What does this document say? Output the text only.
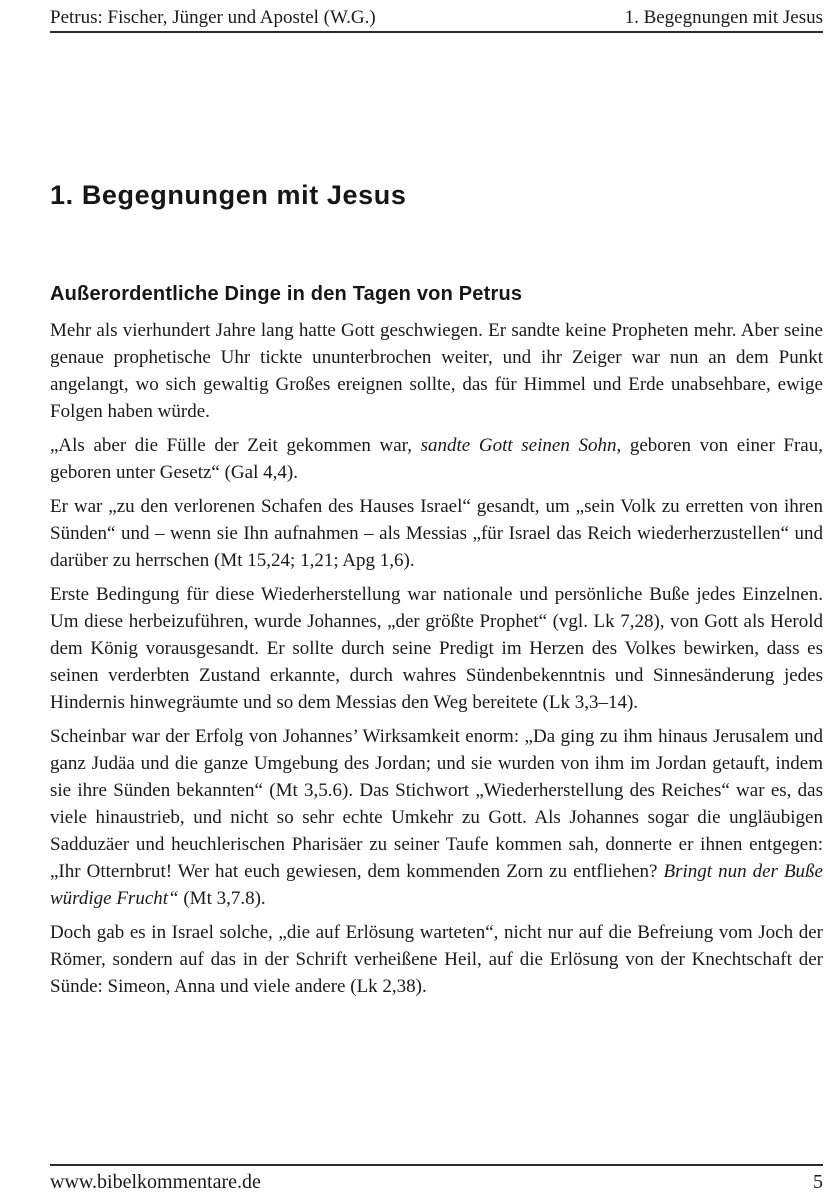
Petrus: Fischer, Jünger und Apostel (W.G.)	1. Begegnungen mit Jesus
1. Begegnungen mit Jesus
Außerordentliche Dinge in den Tagen von Petrus

Mehr als vierhundert Jahre lang hatte Gott geschwiegen. Er sandte keine Propheten mehr. Aber seine genaue prophetische Uhr tickte ununterbrochen weiter, und ihr Zeiger war nun an dem Punkt angelangt, wo sich gewaltig Großes ereignen sollte, das für Himmel und Erde unabsehbare, ewige Folgen haben würde.

„Als aber die Fülle der Zeit gekommen war, sandte Gott seinen Sohn, geboren von einer Frau, geboren unter Gesetz“ (Gal 4,4).

Er war „zu den verlorenen Schafen des Hauses Israel“ gesandt, um „sein Volk zu erretten von ihren Sünden“ und – wenn sie Ihn aufnahmen – als Messias „für Israel das Reich wiederherzustellen“ und darüber zu herrschen (Mt 15,24; 1,21; Apg 1,6).

Erste Bedingung für diese Wiederherstellung war nationale und persönliche Buße jedes Einzelnen. Um diese herbeizuführen, wurde Johannes, „der größte Prophet“ (vgl. Lk 7,28), von Gott als Herold dem König vorausgesandt. Er sollte durch seine Predigt im Herzen des Volkes bewirken, dass es seinen verderbten Zustand erkannte, durch wahres Sündenbekenntnis und Sinnesänderung jedes Hindernis hinwegräumte und so dem Messias den Weg bereitete (Lk 3,3–14).

Scheinbar war der Erfolg von Johannes’ Wirksamkeit enorm: „Da ging zu ihm hinaus Jerusalem und ganz Judäa und die ganze Umgebung des Jordan; und sie wurden von ihm im Jordan getauft, indem sie ihre Sünden bekannten“ (Mt 3,5.6). Das Stichwort „Wiederherstellung des Reiches“ war es, das viele hinaustrieb, und nicht so sehr echte Umkehr zu Gott. Als Johannes sogar die ungläubigen Sadduzäer und heuchlerischen Pharisäer zu seiner Taufe kommen sah, donnerte er ihnen entgegen: „Ihr Otternbrut! Wer hat euch gewiesen, dem kommenden Zorn zu entfliehen? Bringt nun der Buße würdige Frucht“ (Mt 3,7.8).

Doch gab es in Israel solche, „die auf Erlösung warteten“, nicht nur auf die Befreiung vom Joch der Römer, sondern auf das in der Schrift verheißene Heil, auf die Erlösung von der Knechtschaft der Sünde: Simeon, Anna und viele andere (Lk 2,38).

www.bibelkommentare.de	5
